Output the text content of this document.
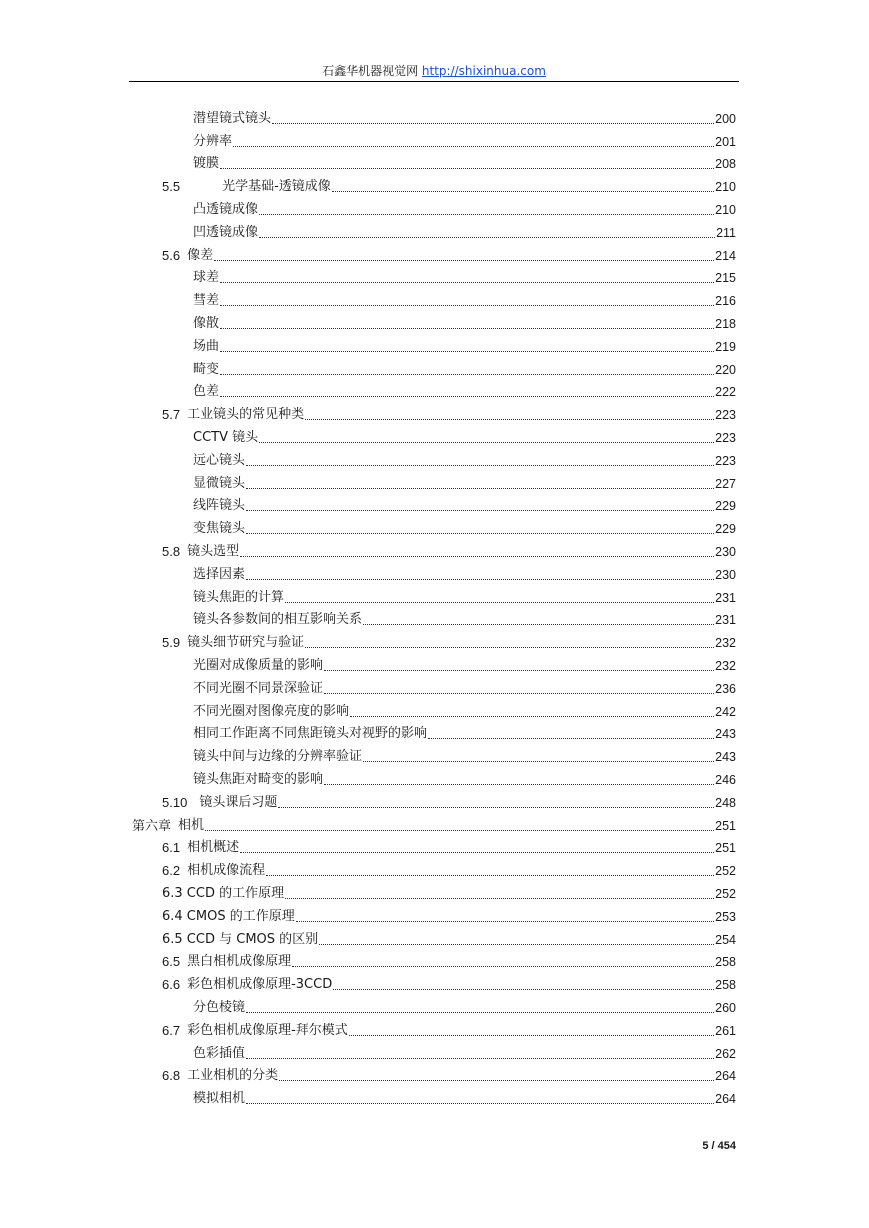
石鑫华机器视觉网 http://shixinhua.com
潜望镜式镜头	200
分辨率	201
镀膜	208
5.5	光学基础-透镜成像	210
凸透镜成像	210
凹透镜成像	211
5.6 像差	214
球差	215
彗差	216
像散	218
场曲	219
畸变	220
色差	222
5.7 工业镜头的常见种类	223
CCTV 镜头	223
远心镜头	223
显微镜头	227
线阵镜头	229
变焦镜头	229
5.8 镜头选型	230
选择因素	230
镜头焦距的计算	231
镜头各参数间的相互影响关系	231
5.9 镜头细节研究与验证	232
光圈对成像质量的影响	232
不同光圈不同景深验证	236
不同光圈对图像亮度的影响	242
相同工作距离不同焦距镜头对视野的影响	243
镜头中间与边缘的分辨率验证	243
镜头焦距对畸变的影响	246
5.10 镜头课后习题	248
第六章 相机	251
6.1 相机概述	251
6.2 相机成像流程	252
6.3 CCD 的工作原理	252
6.4 CMOS 的工作原理	253
6.5 CCD 与 CMOS 的区别	254
6.5 黑白相机成像原理	258
6.6 彩色相机成像原理-3CCD	258
分色棱镜	260
6.7 彩色相机成像原理-拜尔模式	261
色彩插值	262
6.8 工业相机的分类	264
模拟相机	264
5 / 454
